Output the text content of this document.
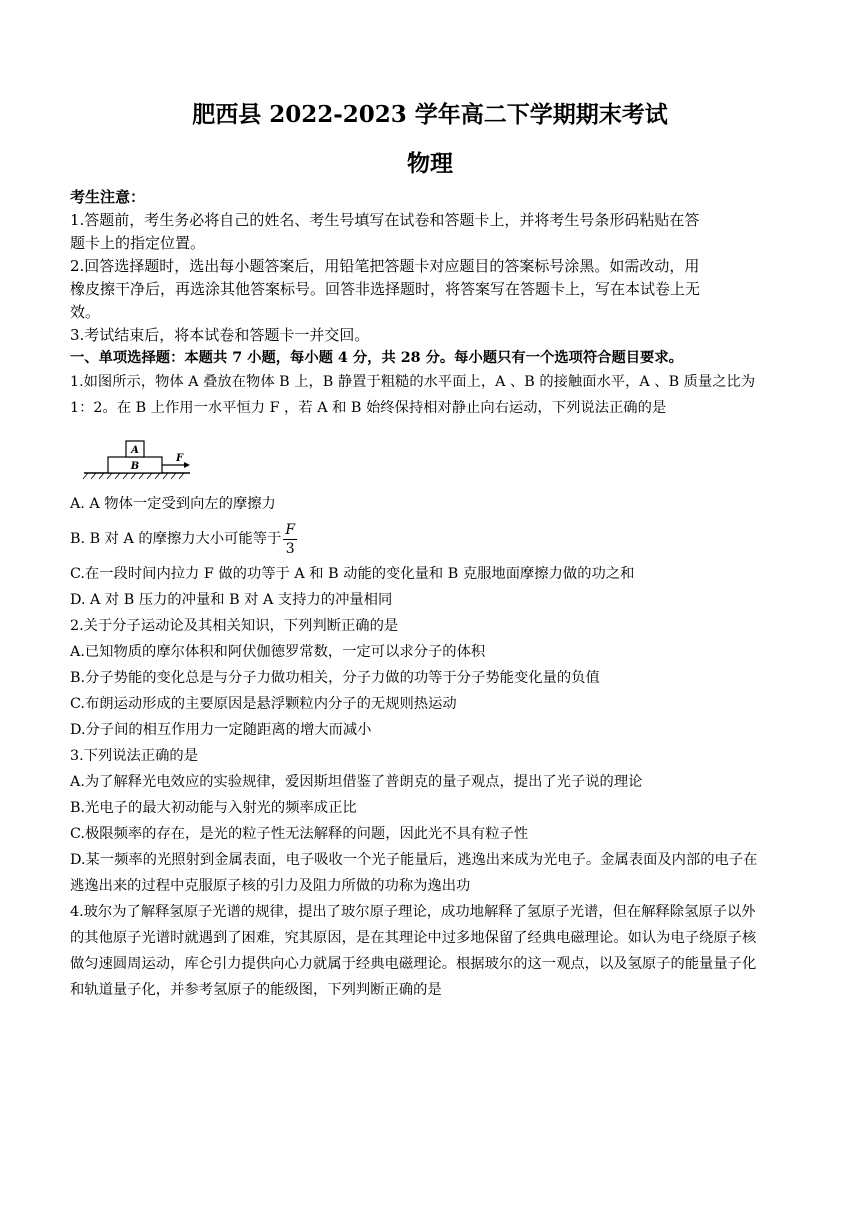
肥西县 2022-2023 学年高二下学期期末考试
物理
考生注意：
1.答题前，考生务必将自己的姓名、考生号填写在试卷和答题卡上，并将考生号条形码粘贴在答
题卡上的指定位置。
2.回答选择题时，选出每小题答案后，用铅笔把答题卡对应题目的答案标号涂黑。如需改动，用
橡皮擦干净后，再选涂其他答案标号。回答非选择题时，将答案写在答题卡上，写在本试卷上无
效。
3.考试结束后，将本试卷和答题卡一并交回。
一、单项选择题：本题共 7 小题，每小题 4 分，共 28 分。每小题只有一个选项符合题目要求。
1.如图所示，物体 A 叠放在物体 B 上，B 静置于粗糙的水平面上，A 、B 的接触面水平，A 、B 质量之比为
1：2。在 B 上作用一水平恒力 F ，若 A 和 B 始终保持相对静止向右运动，下列说法正确的是
A
B
F
A. A 物体一定受到向左的摩擦力
B. B 对 A 的摩擦力大小可能等于 $\frac{F}{3}$
C.在一段时间内拉力 F 做的功等于 A 和 B 动能的变化量和 B 克服地面摩擦力做的功之和
D. A 对 B 压力的冲量和 B 对 A 支持力的冲量相同
2.关于分子运动论及其相关知识，下列判断正确的是
A.已知物质的摩尔体积和阿伏伽德罗常数，一定可以求分子的体积
B.分子势能的变化总是与分子力做功相关，分子力做的功等于分子势能变化量的负值
C.布朗运动形成的主要原因是悬浮颗粒内分子的无规则热运动
D.分子间的相互作用力一定随距离的增大而减小
3.下列说法正确的是
A.为了解释光电效应的实验规律，爱因斯坦借鉴了普朗克的量子观点，提出了光子说的理论
B.光电子的最大初动能与入射光的频率成正比
C.极限频率的存在，是光的粒子性无法解释的问题，因此光不具有粒子性
D.某一频率的光照射到金属表面，电子吸收一个光子能量后，逃逸出来成为光电子。金属表面及内部的电子在
逃逸出来的过程中克服原子核的引力及阻力所做的功称为逸出功
4.玻尔为了解释氢原子光谱的规律，提出了玻尔原子理论，成功地解释了氢原子光谱，但在解释除氢原子以外
的其他原子光谱时就遇到了困难，究其原因，是在其理论中过多地保留了经典电磁理论。如认为电子绕原子核
做匀速圆周运动，库仑引力提供向心力就属于经典电磁理论。根据玻尔的这一观点，以及氢原子的能量量子化
和轨道量子化，并参考氢原子的能级图，下列判断正确的是
